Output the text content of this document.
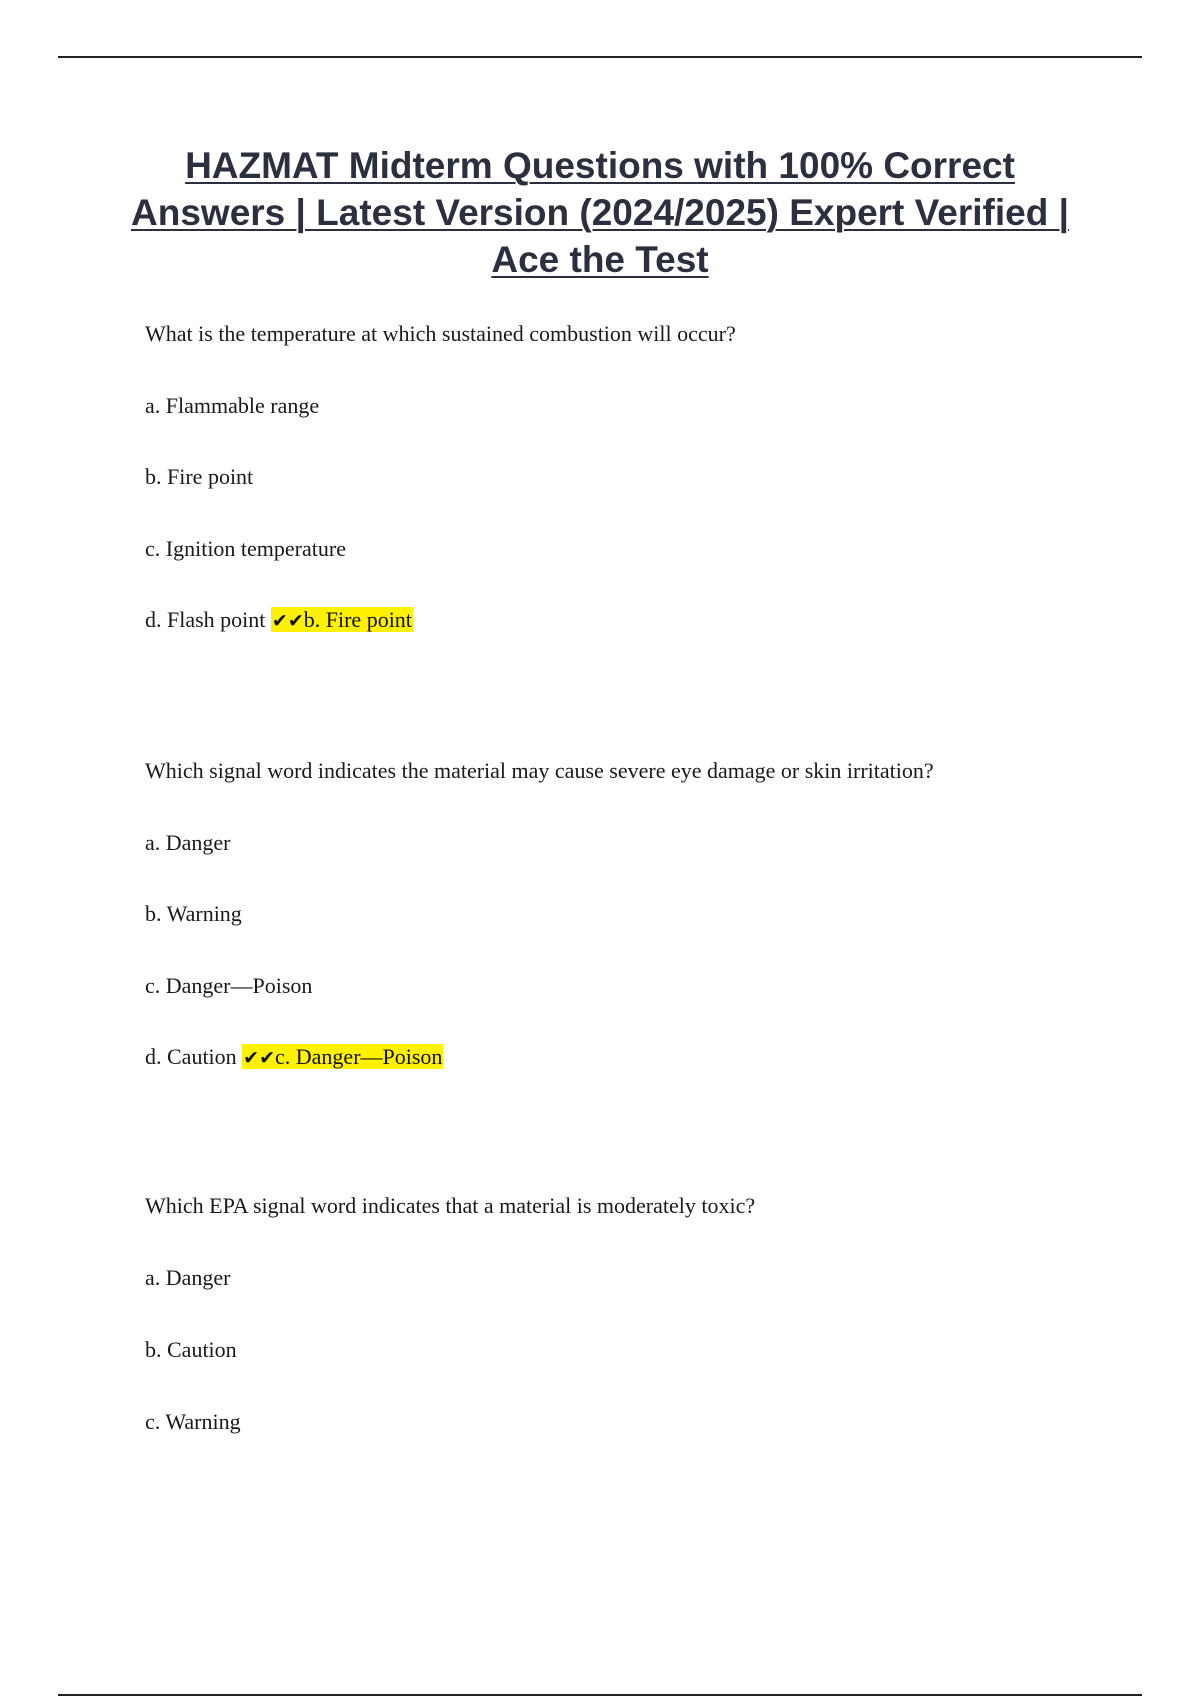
HAZMAT Midterm Questions with 100% Correct Answers | Latest Version (2024/2025) Expert Verified | Ace the Test
What is the temperature at which sustained combustion will occur?
a. Flammable range
b. Fire point
c. Ignition temperature
d. Flash point ✔✔b. Fire point
Which signal word indicates the material may cause severe eye damage or skin irritation?
a. Danger
b. Warning
c. Danger—Poison
d. Caution ✔✔c. Danger—Poison
Which EPA signal word indicates that a material is moderately toxic?
a. Danger
b. Caution
c. Warning
